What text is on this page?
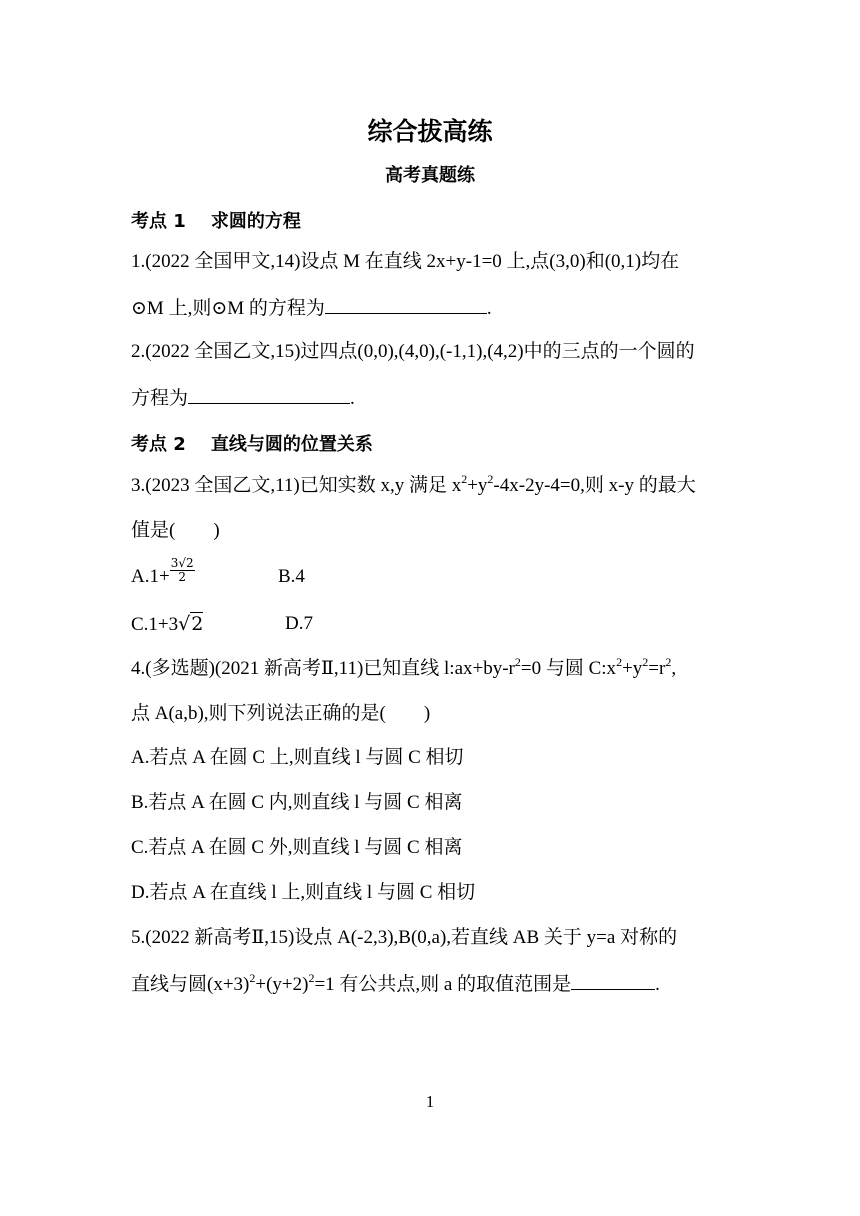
综合拔高练
高考真题练
考点 1    求圆的方程
1.(2022 全国甲文,14)设点 M 在直线 2x+y-1=0 上,点(3,0)和(0,1)均在
⊙M 上,则⊙M 的方程为	.
2.(2022 全国乙文,15)过四点(0,0),(4,0),(-1,1),(4,2)中的三点的一个圆的
方程为	.
考点 2    直线与圆的位置关系
3.(2023 全国乙文,11)已知实数 x,y 满足 $x^2+y^2-4x-2y-4=0$,则 x-y 的最大
值是(        )
$A.1+ \frac{3√2}{2}$	B.4
C.1+3√2	D.7
4.(多选题)(2021 新高考Ⅱ,11)已知直线 $l:ax+by-r^2=0$ 与圆 $C:x^2+y^2=r^2$,
点 A(a,b),则下列说法正确的是(        )
A.若点 A 在圆 C 上,则直线 l 与圆 C 相切
B.若点 A 在圆 C 内,则直线 l 与圆 C 相离
C.若点 A 在圆 C 外,则直线 l 与圆 C 相离
D.若点 A 在直线 l 上,则直线 l 与圆 C 相切
5.(2022 新高考Ⅱ,15)设点 A(-2,3),B(0,a),若直线 AB 关于 y=a 对称的
直线与圆$(x+3)^2+(y+2)^2=1$ 有公共点,则 a 的取值范围是	.
1
